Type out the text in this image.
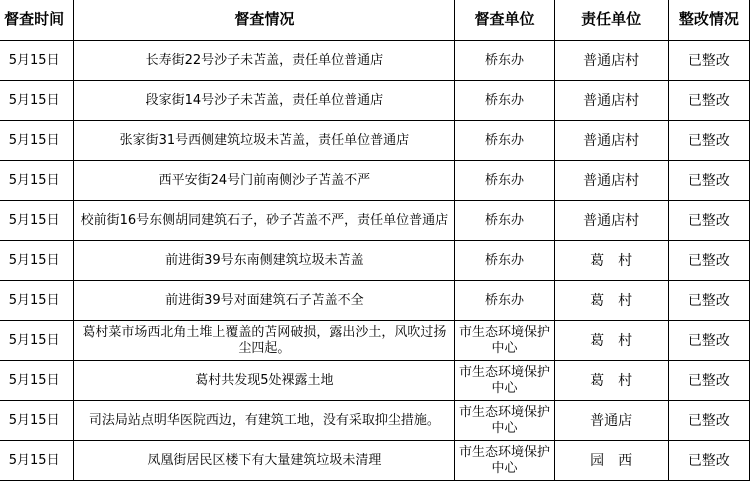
督查时间	督查情况	督查单位	责任单位	整改情况
5月15日	长寿街22号沙子未苫盖，责任单位普通店	桥东办	普通店村	已整改
5月15日	段家街14号沙子未苫盖，责任单位普通店	桥东办	普通店村	已整改
5月15日	张家街31号西侧建筑垃圾未苫盖，责任单位普通店	桥东办	普通店村	已整改
5月15日	西平安街24号门前南侧沙子苫盖不严	桥东办	普通店村	已整改
5月15日	校前街16号东侧胡同建筑石子，砂子苫盖不严，责任单位普通店	桥东办	普通店村	已整改
5月15日	前进街39号东南侧建筑垃圾未苫盖	桥东办	葛　村	已整改
5月15日	前进街39号对面建筑石子苫盖不全	桥东办	葛　村	已整改
5月15日	葛村菜市场西北角土堆上覆盖的苫网破损，露出沙土，风吹过扬尘四起。	市生态环境保护中心	葛　村	已整改
5月15日	葛村共发现5处裸露土地	市生态环境保护中心	葛　村	已整改
5月15日	司法局站点明华医院西边，有建筑工地，没有采取抑尘措施。	市生态环境保护中心	普通店	已整改
5月15日	凤凰街居民区楼下有大量建筑垃圾未清理	市生态环境保护中心	园　西	已整改
